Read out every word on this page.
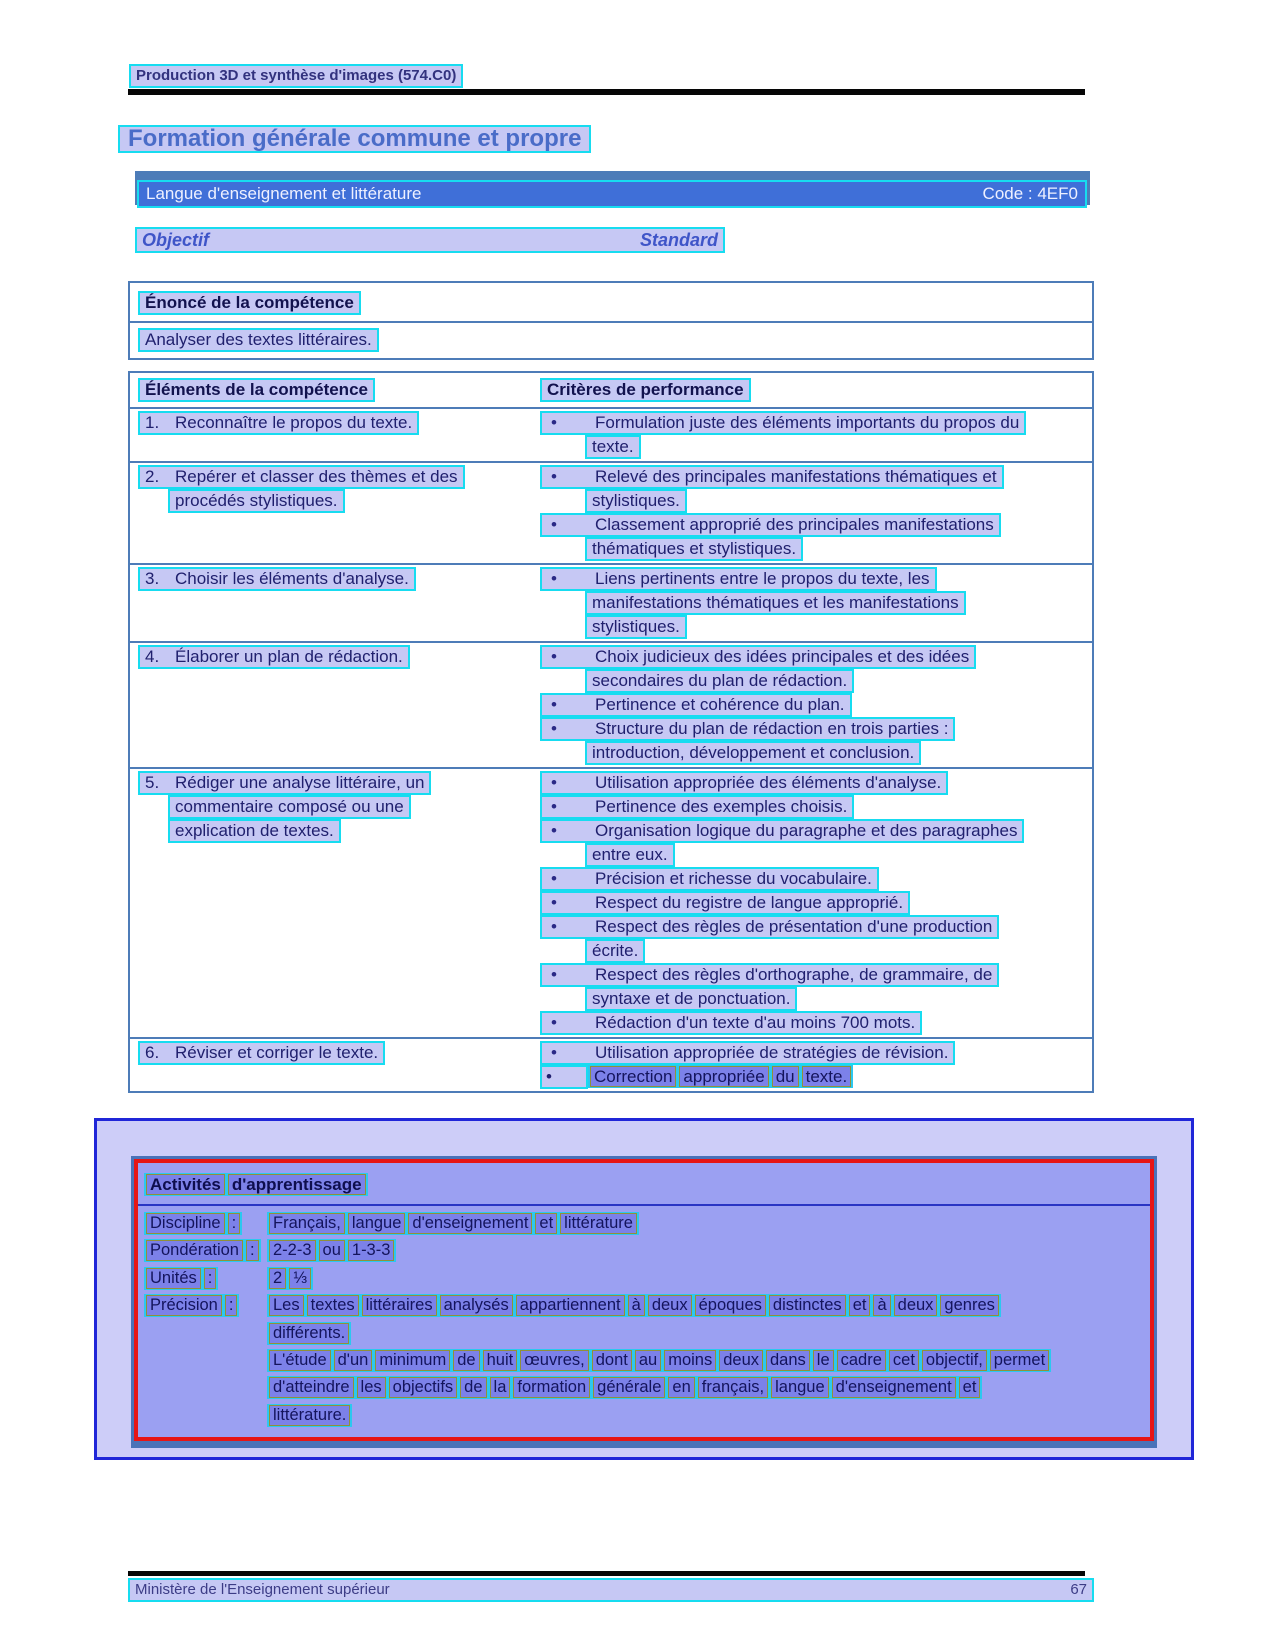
Production 3D et synthèse d'images (574.C0)
Formation générale commune et propre
Langue d'enseignement et littérature	Code : 4EF0
Objectif	Standard
Énoncé de la compétence
Analyser des textes littéraires.
Éléments de la compétence	Critères de performance
1. Reconnaître le propos du texte.	• Formulation juste des éléments importants du propos du
texte.
2. Repérer et classer des thèmes et des
procédés stylistiques.
• Relevé des principales manifestations thématiques et
stylistiques.
• Classement approprié des principales manifestations
thématiques et stylistiques.
3. Choisir les éléments d'analyse.	• Liens pertinents entre le propos du texte, les
manifestations thématiques et les manifestations
stylistiques.
4. Élaborer un plan de rédaction.	• Choix judicieux des idées principales et des idées
secondaires du plan de rédaction.
• Pertinence et cohérence du plan.
• Structure du plan de rédaction en trois parties :
introduction, développement et conclusion.
5. Rédiger une analyse littéraire, un
commentaire composé ou une
explication de textes.
• Utilisation appropriée des éléments d'analyse.
• Pertinence des exemples choisis.
• Organisation logique du paragraphe et des paragraphes
entre eux.
• Précision et richesse du vocabulaire.
• Respect du registre de langue approprié.
• Respect des règles de présentation d'une production
écrite.
• Respect des règles d'orthographe, de grammaire, de
syntaxe et de ponctuation.
• Rédaction d'un texte d'au moins 700 mots.
6. Réviser et corriger le texte.	• Utilisation appropriée de stratégies de révision.
• Correction appropriée du texte.
Activités d'apprentissage
Discipline : Français, langue d'enseignement et littérature
Pondération : 2-2-3 ou 1-3-3
Unités :	2 ⅓
Précision : Les textes littéraires analysés appartiennent à deux époques distinctes et à deux genres
différents.
L'étude d'un minimum de huit œuvres, dont au moins deux dans le cadre cet objectif, permet
d'atteindre les objectifs de la formation générale en français, langue d'enseignement et
littérature.
Ministère de l'Enseignement supérieur	67
